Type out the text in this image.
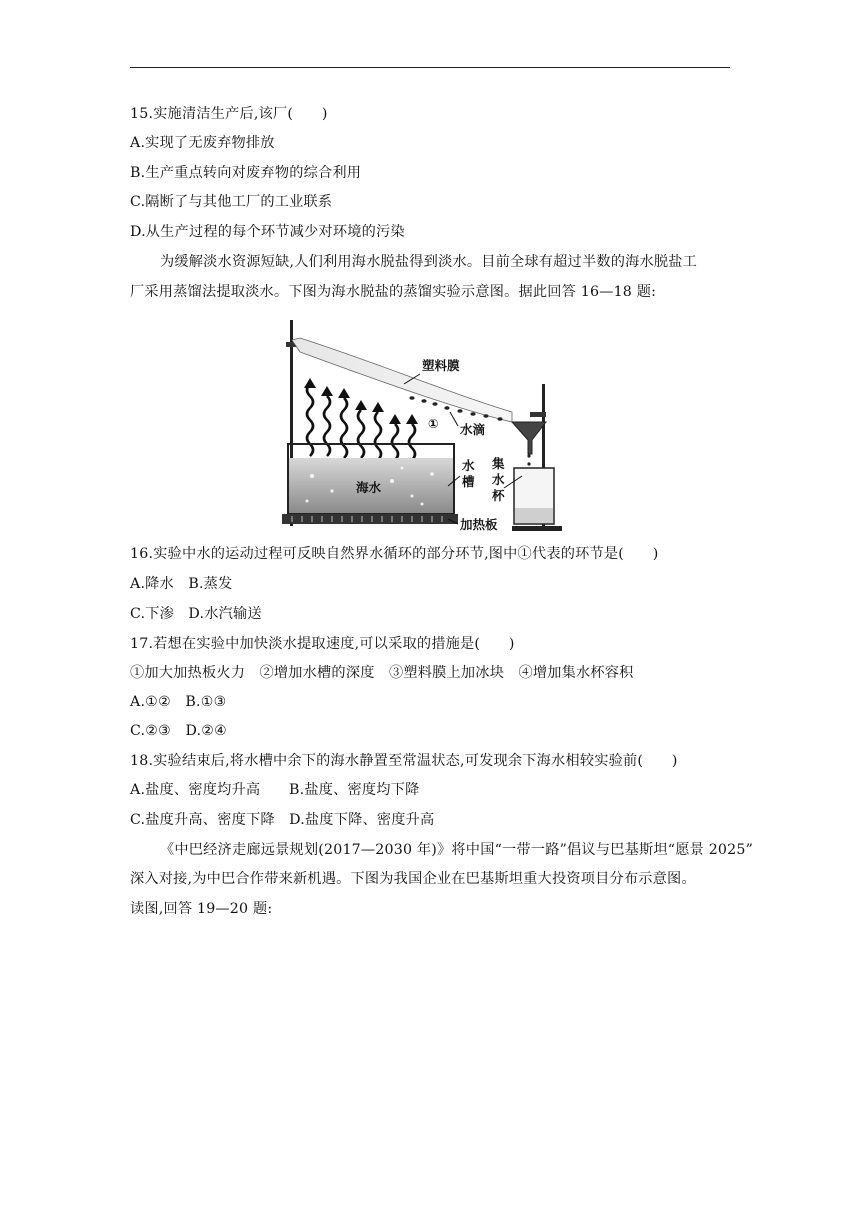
15.实施清洁生产后,该厂(　　)
A.实现了无废弃物排放
B.生产重点转向对废弃物的综合利用
C.隔断了与其他工厂的工业联系
D.从生产过程的每个环节减少对环境的污染
为缓解淡水资源短缺,人们利用海水脱盐得到淡水。目前全球有超过半数的海水脱盐工
厂采用蒸馏法提取淡水。下图为海水脱盐的蒸馏实验示意图。据此回答 16—18 题:
塑料膜
① 水滴
海水
水
槽
集
水
杯
加热板
16.实验中水的运动过程可反映自然界水循环的部分环节,图中①代表的环节是(　　)
A.降水　B.蒸发
C.下渗　D.水汽输送
17.若想在实验中加快淡水提取速度,可以采取的措施是(　　)
①加大加热板火力　②增加水槽的深度　③塑料膜上加冰块　④增加集水杯容积
A.①②　B.①③
C.②③　D.②④
18.实验结束后,将水槽中余下的海水静置至常温状态,可发现余下海水相较实验前(　　)
A.盐度、密度均升高　　B.盐度、密度均下降
C.盐度升高、密度下降　D.盐度下降、密度升高
《中巴经济走廊远景规划(2017—2030 年)》将中国“一带一路”倡议与巴基斯坦“愿景 2025”
深入对接,为中巴合作带来新机遇。下图为我国企业在巴基斯坦重大投资项目分布示意图。
读图,回答 19—20 题:
